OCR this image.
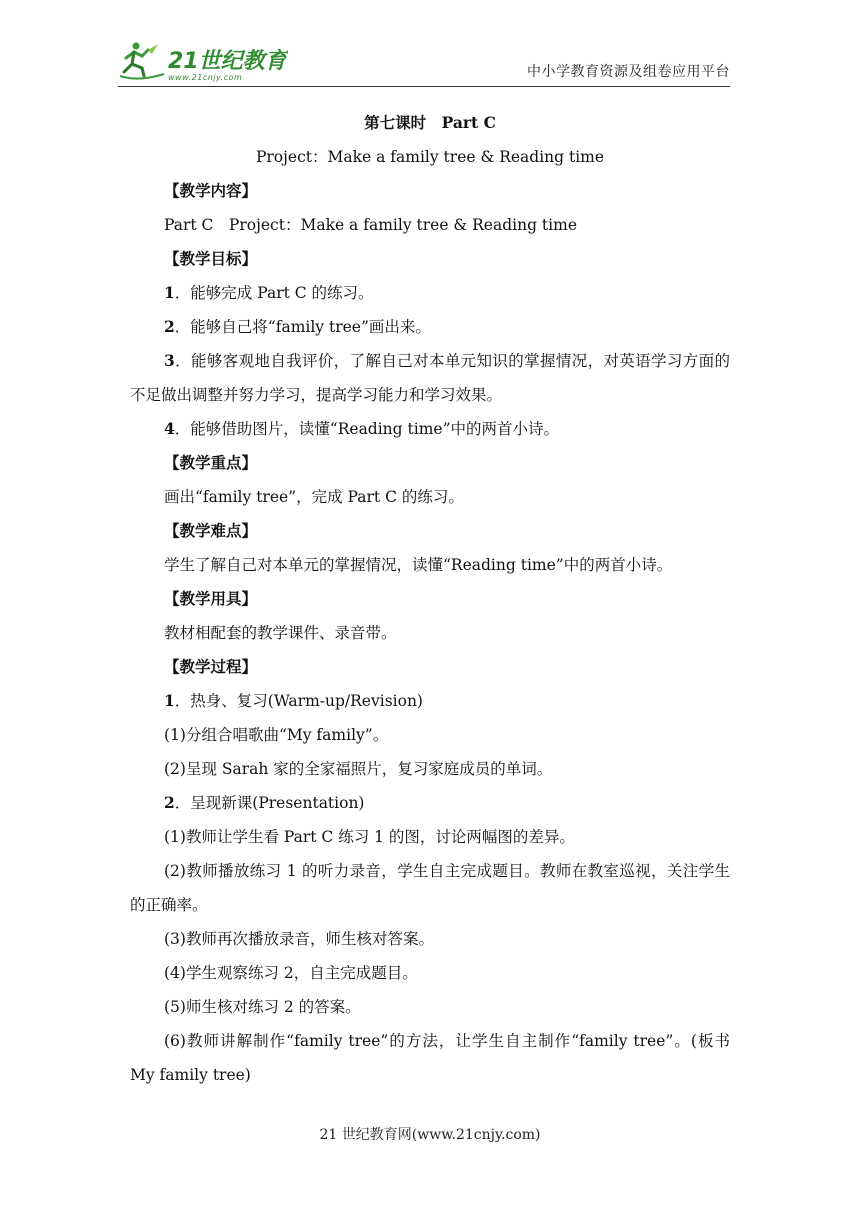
21世纪教育
www.21cnjy.com	中小学教育资源及组卷应用平台
第七课时　Part C
Project：Make a family tree & Reading time
【教学内容】

Part C　Project：Make a family tree & Reading time

【教学目标】

1．能够完成 Part C 的练习。

2．能够自己将“family tree”画出来。

3．能够客观地自我评价，了解自己对本单元知识的掌握情况，对英语学习方面的不足做出调整并努力学习，提高学习能力和学习效果。

4．能够借助图片，读懂“Reading time”中的两首小诗。

【教学重点】

画出“family tree”，完成 Part C 的练习。

【教学难点】

学生了解自己对本单元的掌握情况，读懂“Reading time”中的两首小诗。

【教学用具】

教材相配套的教学课件、录音带。

【教学过程】

1．热身、复习(Warm-up/Revision)

(1)分组合唱歌曲“My family”。

(2)呈现 Sarah 家的全家福照片，复习家庭成员的单词。

2．呈现新课(Presentation)

(1)教师让学生看 Part C 练习 1 的图，讨论两幅图的差异。

(2)教师播放练习 1 的听力录音，学生自主完成题目。教师在教室巡视，关注学生的正确率。

(3)教师再次播放录音，师生核对答案。

(4)学生观察练习 2，自主完成题目。

(5)师生核对练习 2 的答案。

(6)教师讲解制作“family tree”的方法，让学生自主制作“family tree”。(板书 My family tree)

21 世纪教育网(www.21cnjy.com)
